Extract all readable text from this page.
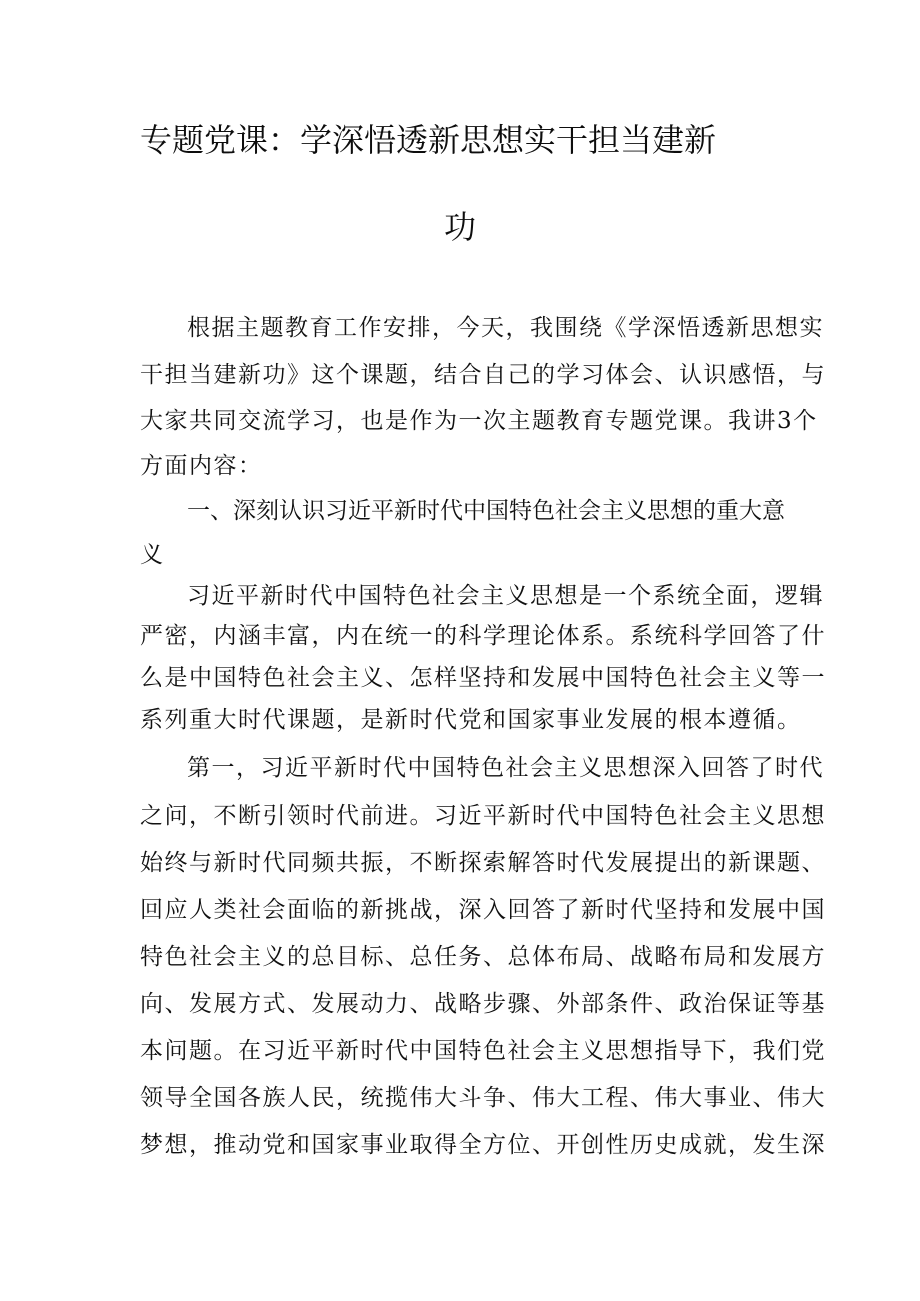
专题党课：学深悟透新思想实干担当建新
功
根据主题教育工作安排，今天，我围绕《学深悟透新思想实
干担当建新功》这个课题，结合自己的学习体会、认识感悟，与
大家共同交流学习，也是作为一次主题教育专题党课。我讲3个
方面内容：
一、深刻认识习近平新时代中国特色社会主义思想的重大意
义
习近平新时代中国特色社会主义思想是一个系统全面，逻辑
严密，内涵丰富，内在统一的科学理论体系。系统科学回答了什
么是中国特色社会主义、怎样坚持和发展中国特色社会主义等一
系列重大时代课题，是新时代党和国家事业发展的根本遵循。
第一，习近平新时代中国特色社会主义思想深入回答了时代
之问，不断引领时代前进。习近平新时代中国特色社会主义思想
始终与新时代同频共振，不断探索解答时代发展提出的新课题、
回应人类社会面临的新挑战，深入回答了新时代坚持和发展中国
特色社会主义的总目标、总任务、总体布局、战略布局和发展方
向、发展方式、发展动力、战略步骤、外部条件、政治保证等基
本问题。在习近平新时代中国特色社会主义思想指导下，我们党
领导全国各族人民，统揽伟大斗争、伟大工程、伟大事业、伟大
梦想，推动党和国家事业取得全方位、开创性历史成就，发生深
